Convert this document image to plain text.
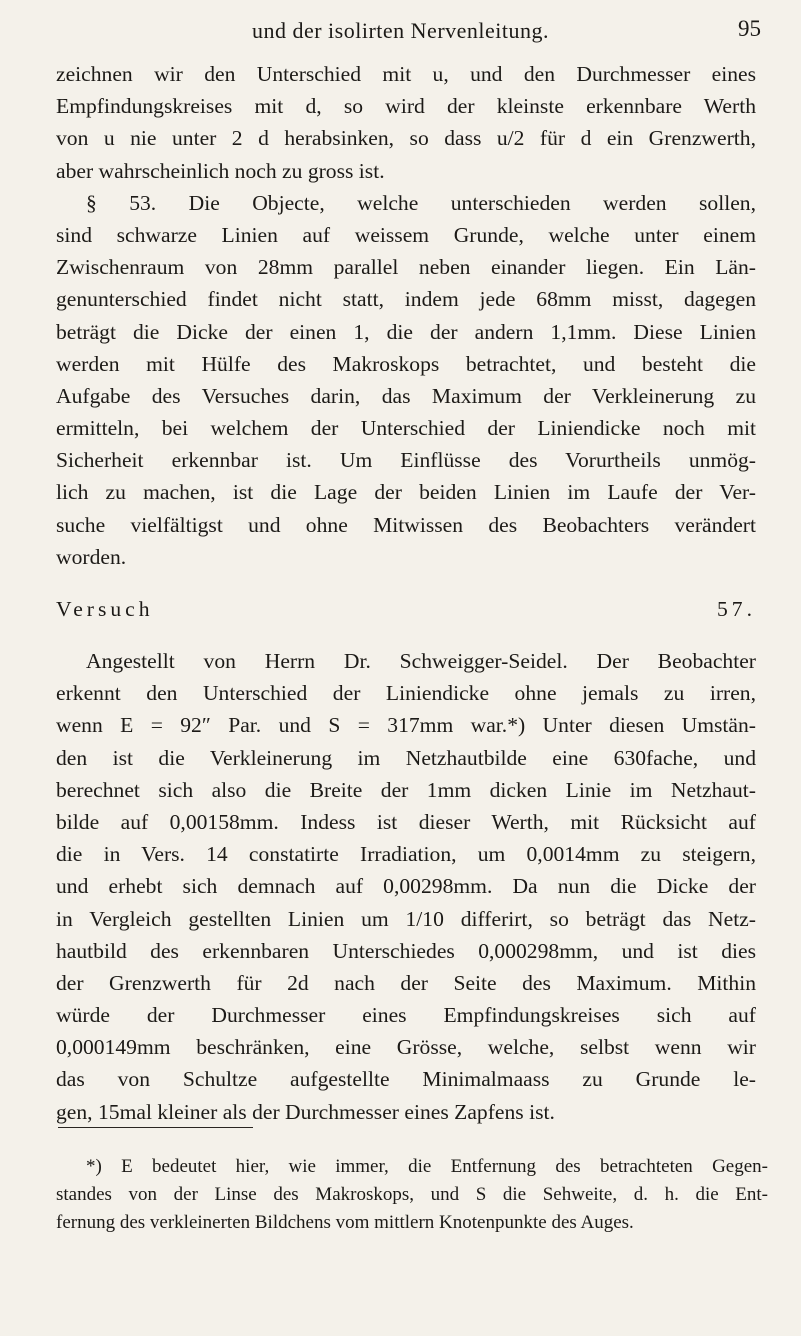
und der isolirten Nervenleitung.	95
zeichnen wir den Unterschied mit u, und den Durchmesser eines
Empfindungskreises mit d, so wird der kleinste erkennbare Werth
von u nie unter 2 d herabsinken, so dass u/2 für d ein Grenzwerth,
aber wahrscheinlich noch zu gross ist.
§ 53. Die Objecte, welche unterschieden werden sollen,
sind schwarze Linien auf weissem Grunde, welche unter einem
Zwischenraum von 28mm parallel neben einander liegen. Ein Län-
genunterschied findet nicht statt, indem jede 68mm misst, dagegen
beträgt die Dicke der einen 1, die der andern 1,1mm. Diese Linien
werden mit Hülfe des Makroskops betrachtet, und besteht die
Aufgabe des Versuches darin, das Maximum der Verkleinerung zu
ermitteln, bei welchem der Unterschied der Liniendicke noch mit
Sicherheit erkennbar ist. Um Einflüsse des Vorurtheils unmög-
lich zu machen, ist die Lage der beiden Linien im Laufe der Ver-
suche vielfältigst und ohne Mitwissen des Beobachters verändert
worden.
Versuch 57.
Angestellt von Herrn Dr. Schweigger-Seidel. Der Beobachter
erkennt den Unterschied der Liniendicke ohne jemals zu irren,
wenn E = 92″ Par. und S = 317mm war.*) Unter diesen Umstän-
den ist die Verkleinerung im Netzhautbilde eine 630fache, und
berechnet sich also die Breite der 1mm dicken Linie im Netzhaut-
bilde auf 0,00158mm. Indess ist dieser Werth, mit Rücksicht auf
die in Vers. 14 constatirte Irradiation, um 0,0014mm zu steigern,
und erhebt sich demnach auf 0,00298mm. Da nun die Dicke der
in Vergleich gestellten Linien um 1/10 differirt, so beträgt das Netz-
hautbild des erkennbaren Unterschiedes 0,000298mm, und ist dies
der Grenzwerth für 2d nach der Seite des Maximum. Mithin
würde der Durchmesser eines Empfindungskreises sich auf
0,000149mm beschränken, eine Grösse, welche, selbst wenn wir
das von Schultze aufgestellte Minimalmaass zu Grunde le-
gen, 15mal kleiner als der Durchmesser eines Zapfens ist.
*) E bedeutet hier, wie immer, die Entfernung des betrachteten Gegen-
standes von der Linse des Makroskops, und S die Sehweite, d. h. die Ent-
fernung des verkleinerten Bildchens vom mittlern Knotenpunkte des Auges.
